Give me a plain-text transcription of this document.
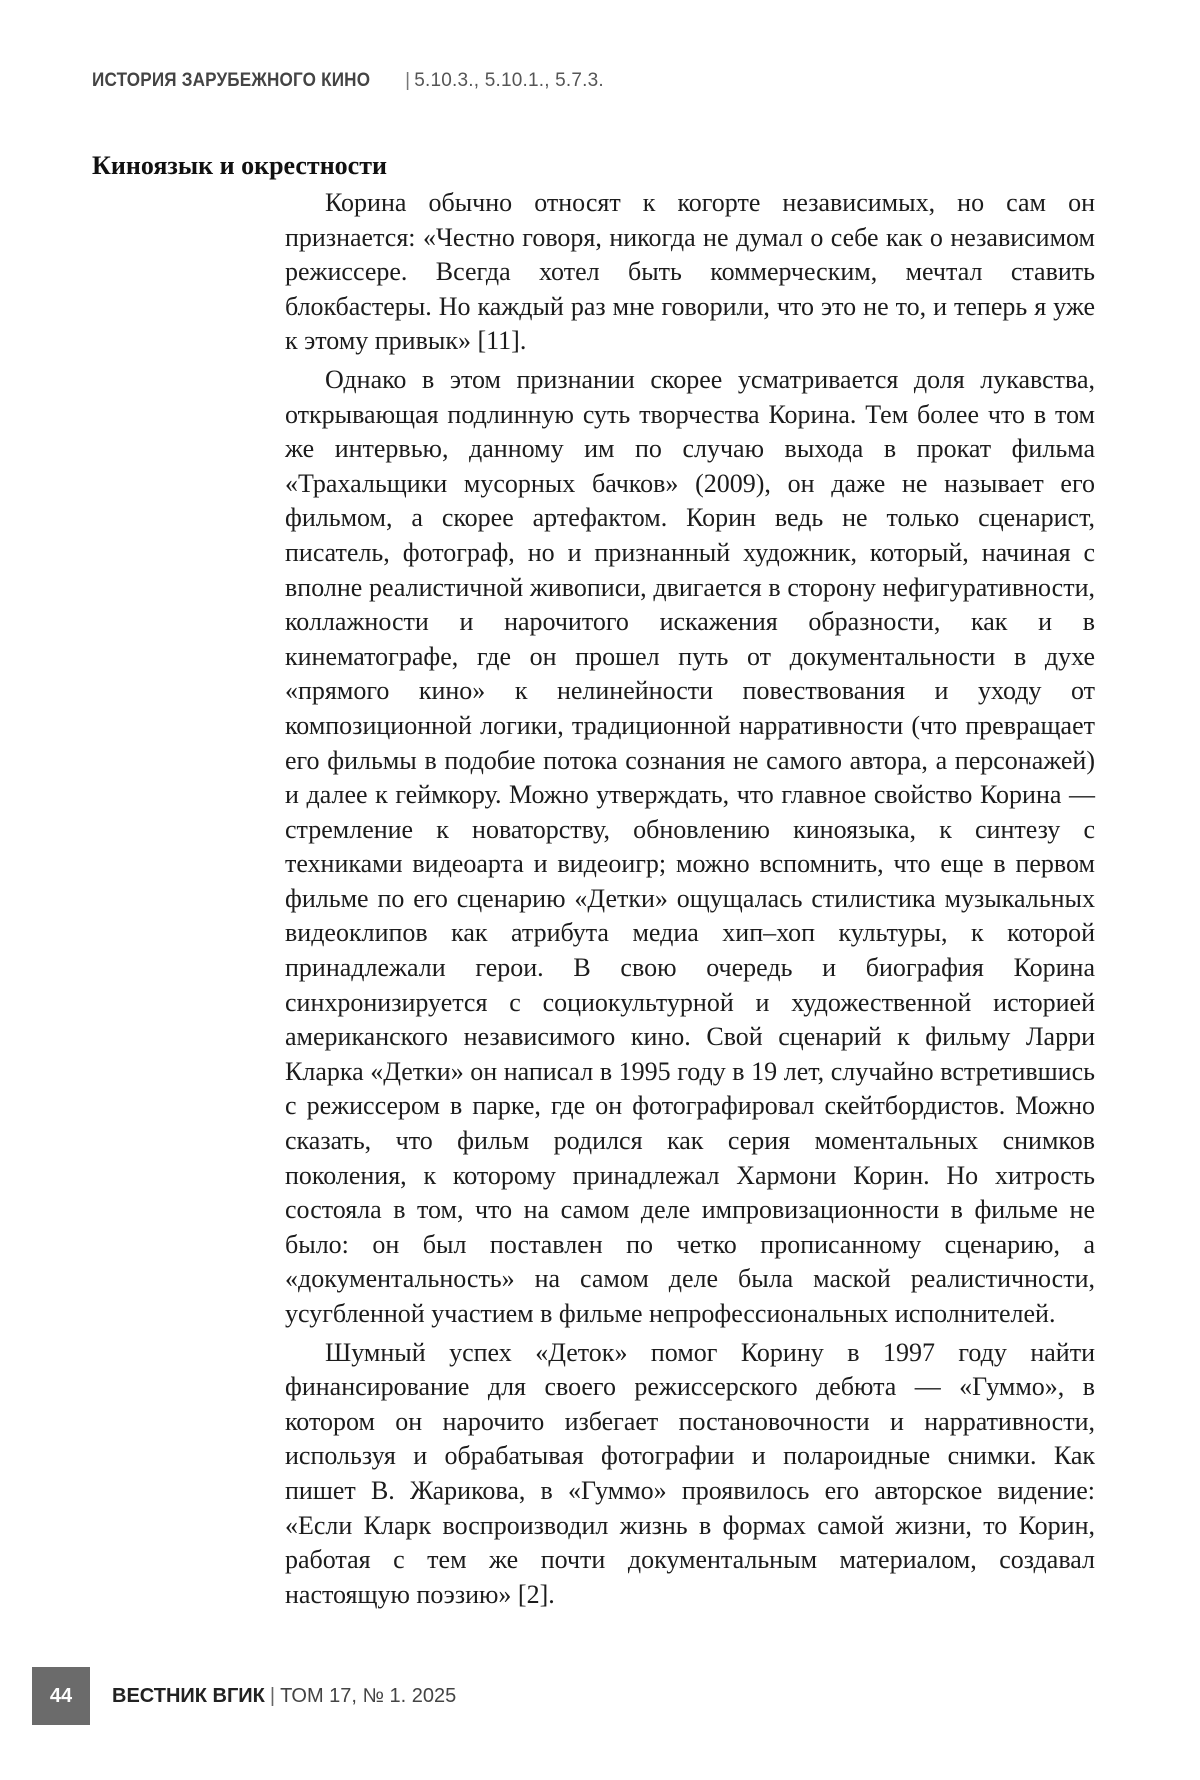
ИСТОРИЯ ЗАРУБЕЖНОГО КИНО | 5.10.3., 5.10.1., 5.7.3.
Киноязык и окрестности

Корина обычно относят к когорте независимых, но сам он признается: «Честно говоря, никогда не думал о себе как о независимом режиссере. Всегда хотел быть коммерческим, мечтал ставить блокбастеры. Но каждый раз мне говорили, что это не то, и теперь я уже к этому привык» [11].

Однако в этом признании скорее усматривается доля лукавства, открывающая подлинную суть творчества Корина. Тем более что в том же интервью, данному им по случаю выхода в прокат фильма «Трахальщики мусорных бачков» (2009), он даже не называет его фильмом, а скорее артефактом. Корин ведь не только сценарист, писатель, фотограф, но и признанный художник, который, начиная с вполне реалистичной живописи, двигается в сторону нефигуративности, коллажности и нарочитого искажения образности, как и в кинематографе, где он прошел путь от документальности в духе «прямого кино» к нелинейности повествования и уходу от композиционной логики, традиционной нарративности (что превращает его фильмы в подобие потока сознания не самого автора, а персонажей) и далее к геймкору. Можно утверждать, что главное свойство Корина — стремление к новаторству, обновлению киноязыка, к синтезу с техниками видеоарта и видеоигр; можно вспомнить, что еще в первом фильме по его сценарию «Детки» ощущалась стилистика музыкальных видеоклипов как атрибута медиа хип–хоп культуры, к которой принадлежали герои. В свою очередь и биография Корина синхронизируется с социокультурной и художественной историей американского независимого кино. Свой сценарий к фильму Ларри Кларка «Детки» он написал в 1995 году в 19 лет, случайно встретившись с режиссером в парке, где он фотографировал скейтбордистов. Можно сказать, что фильм родился как серия моментальных снимков поколения, к которому принадлежал Хармони Корин. Но хитрость состояла в том, что на самом деле импровизационности в фильме не было: он был поставлен по четко прописанному сценарию, а «документальность» на самом деле была маской реалистичности, усугбленной участием в фильме непрофессиональных исполнителей.

Шумный успех «Деток» помог Корину в 1997 году найти финансирование для своего режиссерского дебюта — «Гуммо», в котором он нарочито избегает постановочности и нарративности, используя и обрабатывая фотографии и полароидные снимки. Как пишет В. Жарикова, в «Гуммо» проявилось его авторское видение: «Если Кларк воспроизводил жизнь в формах самой жизни, то Корин, работая с тем же почти документальным материалом, создавал настоящую поэзию» [2].

44	ВЕСТНИК ВГИК | ТОМ 17, № 1. 2025
